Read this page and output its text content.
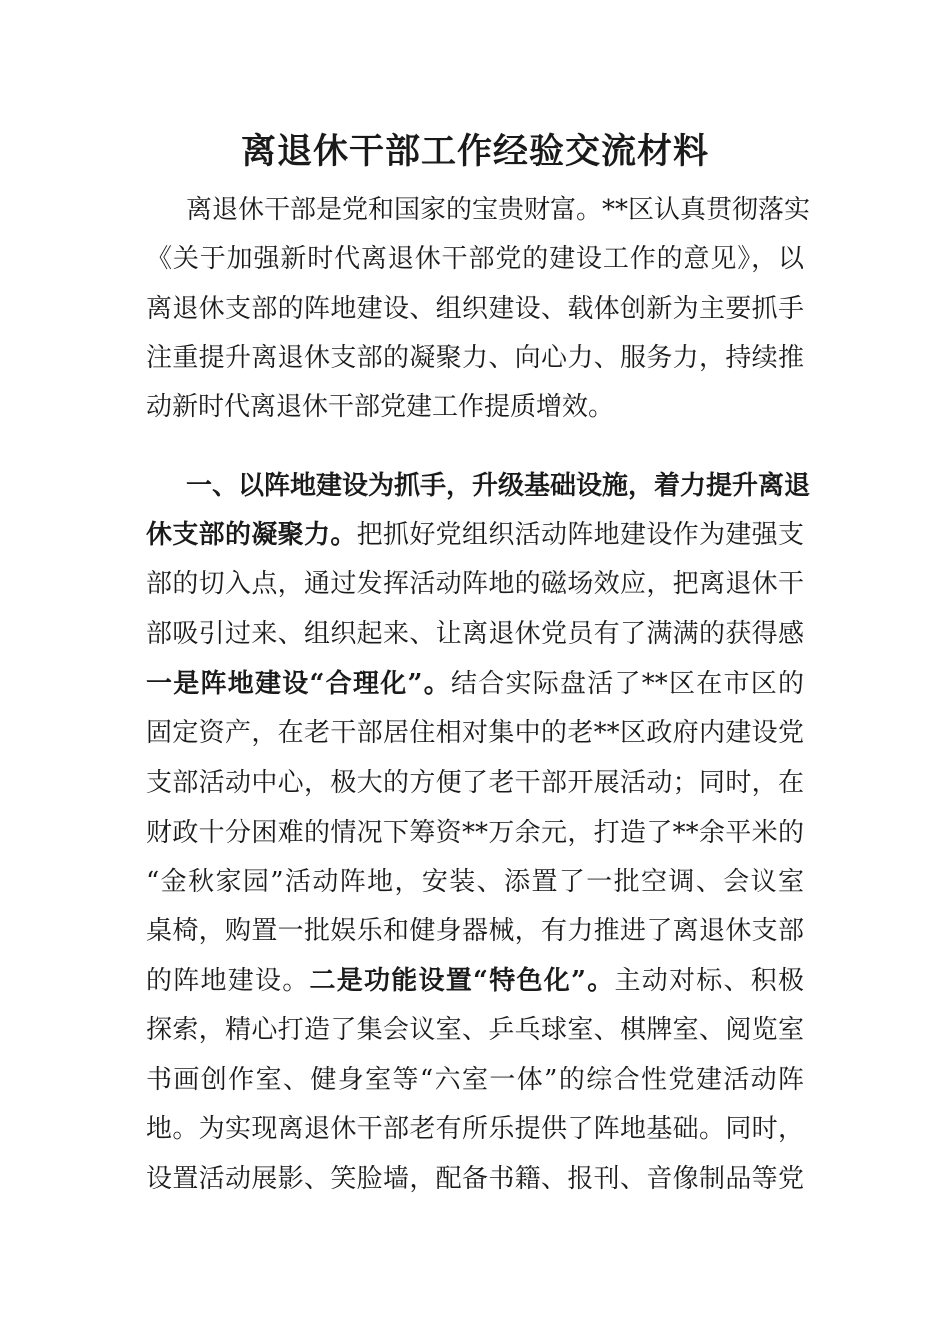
离退休干部工作经验交流材料

离退休干部是党和国家的宝贵财富。**区认真贯彻落实

《关于加强新时代离退休干部党的建设工作的意见》，以

离退休支部的阵地建设、组织建设、载体创新为主要抓手

注重提升离退休支部的凝聚力、向心力、服务力，持续推

动新时代离退休干部党建工作提质增效。

一、以阵地建设为抓手，升级基础设施，着力提升离退

休支部的凝聚力。把抓好党组织活动阵地建设作为建强支

部的切入点，通过发挥活动阵地的磁场效应，把离退休干

部吸引过来、组织起来、让离退休党员有了满满的获得感

一是阵地建设“合理化”。结合实际盘活了**区在市区的

固定资产，在老干部居住相对集中的老**区政府内建设党

支部活动中心，极大的方便了老干部开展活动；同时，在

财政十分困难的情况下筹资**万余元，打造了**余平米的

“金秋家园”活动阵地，安装、添置了一批空调、会议室

桌椅，购置一批娱乐和健身器械，有力推进了离退休支部

的阵地建设。二是功能设置“特色化”。主动对标、积极

探索，精心打造了集会议室、乒乓球室、棋牌室、阅览室

书画创作室、健身室等“六室一体”的综合性党建活动阵

地。为实现离退休干部老有所乐提供了阵地基础。同时，

设置活动展影、笑脸墙，配备书籍、报刊、音像制品等党
